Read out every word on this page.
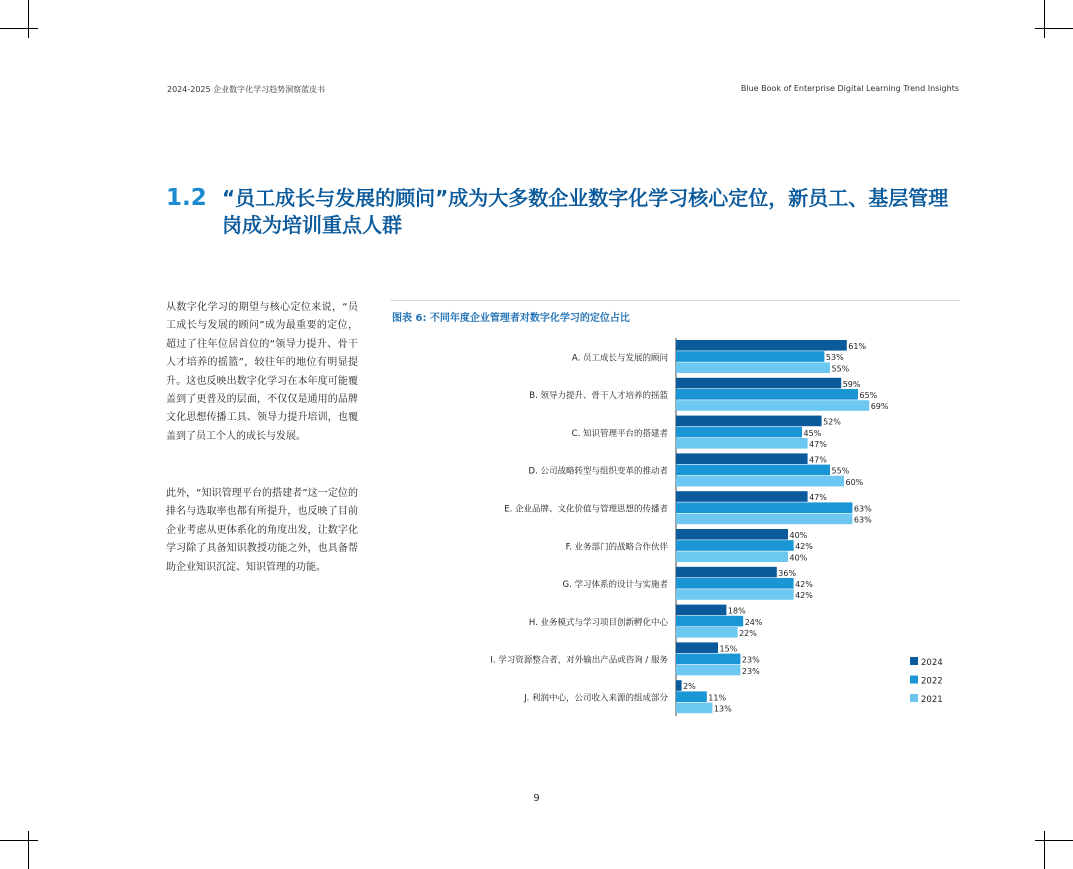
2024-2025 企业数字化学习趋势洞察蓝皮书	Blue Book of Enterprise Digital Learning Trend Insights
1.2 “员工成长与发展的顾问”成为大多数企业数字化学习核心定位，新员工、基层管理岗成为培训重点人群
从数字化学习的期望与核心定位来说，“员工成长与发展的顾问”成为最重要的定位，超过了往年位居首位的“领导力提升、骨干人才培养的摇篮”，较往年的地位有明显提升。这也反映出数字化学习在本年度可能覆盖到了更普及的层面，不仅仅是通用的品牌文化思想传播工具、领导力提升培训，也覆盖到了员工个人的成长与发展。
此外，“知识管理平台的搭建者”这一定位的排名与选取率也都有所提升，也反映了目前企业考虑从更体系化的角度出发，让数字化学习除了具备知识教授功能之外，也具备帮助企业知识沉淀、知识管理的功能。
图表 6: 不同年度企业管理者对数字化学习的定位占比
A. 员工成长与发展的顾问
61%
53%
55%
B. 领导力提升、骨干人才培养的摇篮
59%
65%
69%
C. 知识管理平台的搭建者
52%
45%
47%
D. 公司战略转型与组织变革的推动者
47%
55%
60%
E. 企业品牌、文化价值与管理思想的传播者
47%
63%
63%
F. 业务部门的战略合作伙伴
40%
42%
40%
G. 学习体系的设计与实施者
36%
42%
42%
H. 业务模式与学习项目创新孵化中心
18%
24%
22%
I. 学习资源整合者，对外输出产品或咨询 / 服务
15%
23%
23%
J. 利润中心，公司收入来源的组成部分
2%
11%
13%
2024
2022
2021
9
